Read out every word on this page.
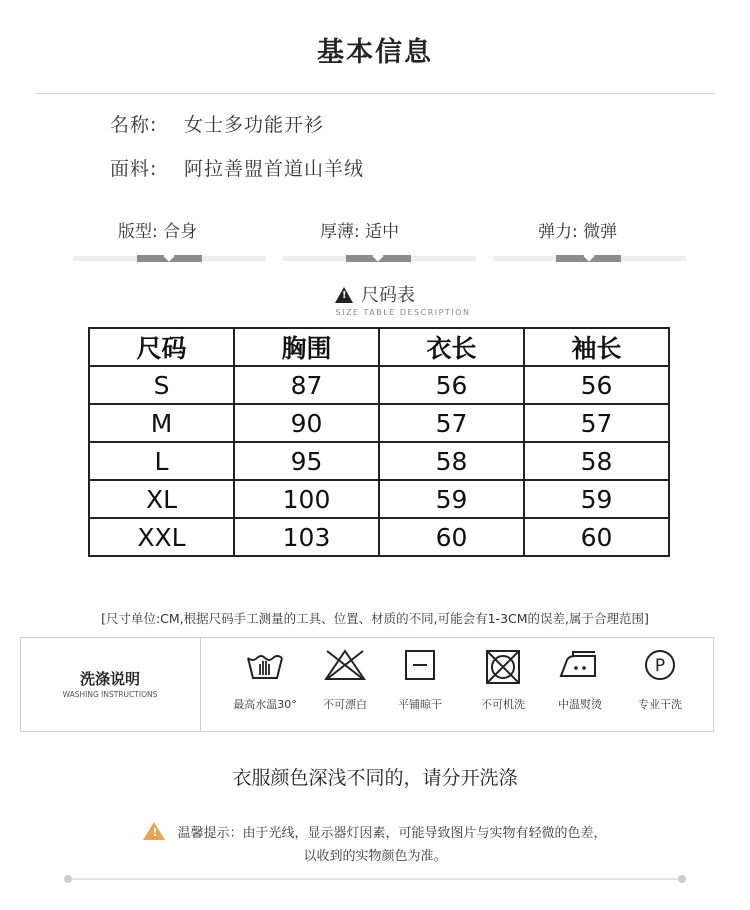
基本信息
名称: 女士多功能开衫
面料: 阿拉善盟首道山羊绒
版型: 合身	厚薄: 适中	弹力: 微弹
!尺码表
SIZE TABLE DESCRIPTION
尺码	胸围	衣长	袖长
S	87	56	56
M	90	57	57
L	95	58	58
XL	100	59	59
XXL	103	60	60
[尺寸单位:CM,根据尺码手工测量的工具、位置、材质的不同,可能会有1-3CM的误差,属于合理范围]
洗涤说明
WASHING INSTRUCTIONS
最高水温30°	不可漂白	平铺晾干	不可机洗	中温熨烫
P
专业干洗
衣服颜色深浅不同的，请分开洗涤
!温馨提示：由于光线，显示器灯因素，可能导致图片与实物有轻微的色差，
以收到的实物颜色为准。
